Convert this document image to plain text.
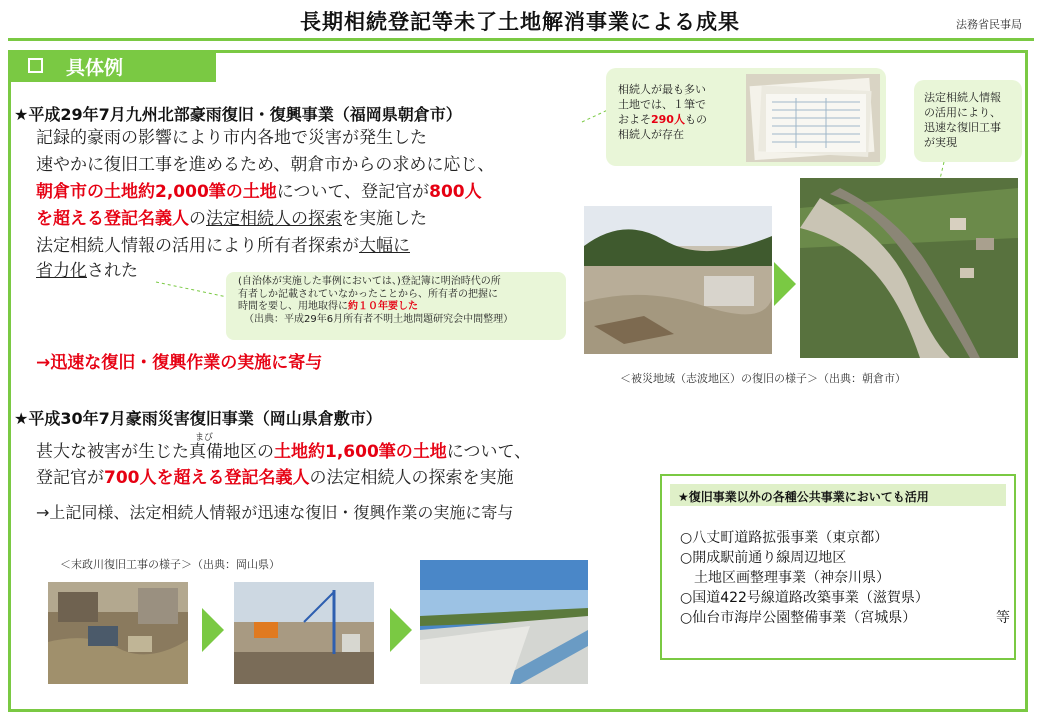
長期相続登記等未了土地解消事業による成果	法務省民事局
具体例
★平成29年7月九州北部豪雨復旧・復興事業（福岡県朝倉市）
記録的豪雨の影響により市内各地で災害が発生した
速やかに復旧工事を進めるため、朝倉市からの求めに応じ、
朝倉市の土地約2,000筆の土地について、登記官が800人
を超える登記名義人の法定相続人の探索を実施した
法定相続人情報の活用により所有者探索が大幅に
省力化された
(自治体が実施した事例においては、)登記簿に明治時代の所
有者しか記載されていなかったことから、所有者の把握に
時間を要し、用地取得に約１０年要した
（出典：平成29年6月所有者不明土地問題研究会中間整理）
→迅速な復旧・復興作業の実施に寄与
相続人が最も多い
土地では、１筆で
およそ290人もの
相続人が存在
法定相続人情報
の活用により、
迅速な復旧工事
が実現
＜被災地域（志波地区）の復旧の様子＞（出典：朝倉市）
★平成30年7月豪雨災害復旧事業（岡山県倉敷市）
甚大な被害が生じた
まび
真備地区の土地約1,600筆の土地について、
登記官が700人を超える登記名義人の法定相続人の探索を実施
→上記同様、法定相続人情報が迅速な復旧・復興作業の実施に寄与
＜末政川復旧工事の様子＞（出典：岡山県）
★復旧事業以外の各種公共事業においても活用
○八丈町道路拡張事業（東京都）
○開成駅前通り線周辺地区
　土地区画整理事業（神奈川県）
○国道422号線道路改築事業（滋賀県）
○仙台市海岸公園整備事業（宮城県）	等
